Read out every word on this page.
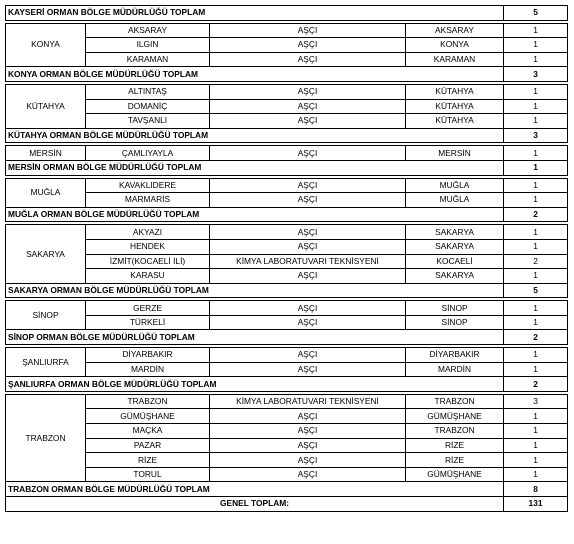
KAYSERİ ORMAN BÖLGE MÜDÜRLÜĞÜ TOPLAM				5

KONYA	AKSARAY	AŞÇI	AKSARAY	1
	ILGIN	AŞÇI	KONYA	1
	KARAMAN	AŞÇI	KARAMAN	1
KONYA ORMAN BÖLGE MÜDÜRLÜĞÜ TOPLAM				3

KÜTAHYA	ALTINTAŞ	AŞÇI	KÜTAHYA	1
	DOMANİÇ	AŞÇI	KÜTAHYA	1
	TAVŞANLI	AŞÇI	KÜTAHYA	1
KÜTAHYA ORMAN BÖLGE MÜDÜRLÜĞÜ TOPLAM				3

MERSİN	ÇAMLIYAYLA	AŞÇI	MERSİN	1
MERSİN ORMAN BÖLGE MÜDÜRLÜĞÜ TOPLAM				1

MUĞLA	KAVAKLIDERE	AŞÇI	MUĞLA	1
	MARMARİS	AŞÇI	MUĞLA	1
MUĞLA ORMAN BÖLGE MÜDÜRLÜĞÜ TOPLAM				2

SAKARYA	AKYAZI	AŞÇI	SAKARYA	1
	HENDEK	AŞÇI	SAKARYA	1
	İZMİT(KOCAELİ İLİ)	KİMYA LABORATUVARI TEKNİSYENİ	KOCAELİ	2
	KARASU	AŞÇI	SAKARYA	1
SAKARYA ORMAN BÖLGE MÜDÜRLÜĞÜ TOPLAM				5

SİNOP	GERZE	AŞÇI	SİNOP	1
	TÜRKELİ	AŞÇI	SİNOP	1
SİNOP ORMAN BÖLGE MÜDÜRLÜĞÜ TOPLAM				2

ŞANLIURFA	DİYARBAKIR	AŞÇI	DİYARBAKIR	1
	MARDİN	AŞÇI	MARDİN	1
ŞANLIURFA ORMAN BÖLGE MÜDÜRLÜĞÜ TOPLAM				2

TRABZON	TRABZON	KİMYA LABORATUVARI TEKNİSYENİ	TRABZON	3
	GÜMÜŞHANE	AŞÇI	GÜMÜŞHANE	1
	MAÇKA	AŞÇI	TRABZON	1
	PAZAR	AŞÇI	RİZE	1
	RİZE	AŞÇI	RİZE	1
	TORUL	AŞÇI	GÜMÜŞHANE	1
TRABZON ORMAN BÖLGE MÜDÜRLÜĞÜ TOPLAM				8
GENEL TOPLAM:				131
